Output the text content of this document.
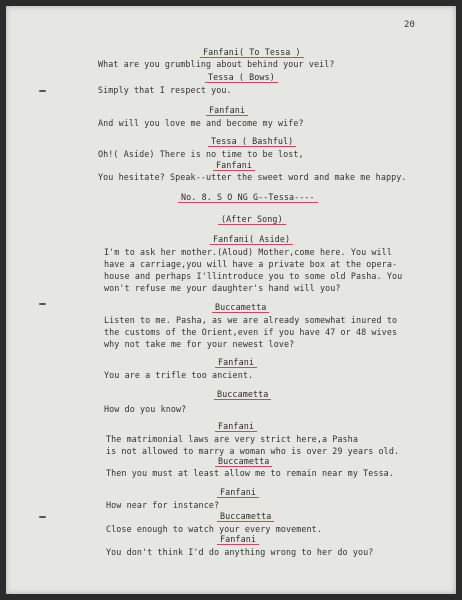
20
Fanfani( To Tessa )
What are you grumbling about behind your veil?
Tessa ( Bows)
Simply that I respect you.
Fanfani
And will you love me and become my wife?
Tessa ( Bashful)
Oh!( Aside) There is no time to be lost,
Fanfani
You hesitate? Speak--utter the sweet word and make me happy.
No. 8. S O NG G--Tessa----
(After Song)
Fanfani( Aside)
I'm to ask her mother.(Aloud) Mother,come here. You will
have a carriage,you will have a private box at the opera-
house and perhaps I'llintroduce you to some old Pasha. You
won't refuse me your daughter's hand will you?
Buccametta
Listen to me. Pasha, as we are already somewhat inured to
the customs of the Orient,even if you have 47 or 48 wives
why not take me for your newest love?
Fanfani
You are a trifle too ancient.
Buccametta
How do you know?
Fanfani
The matrimonial laws are very strict here,a Pasha
is not allowed to marry a woman who is over 29 years old.
Buccametta
Then you must at least allow me to remain near my Tessa.
Fanfani
How near for instance?
Buccametta
Close enough to watch your every movement.
Fanfani
You don't think I'd do anything wrong to her do you?
